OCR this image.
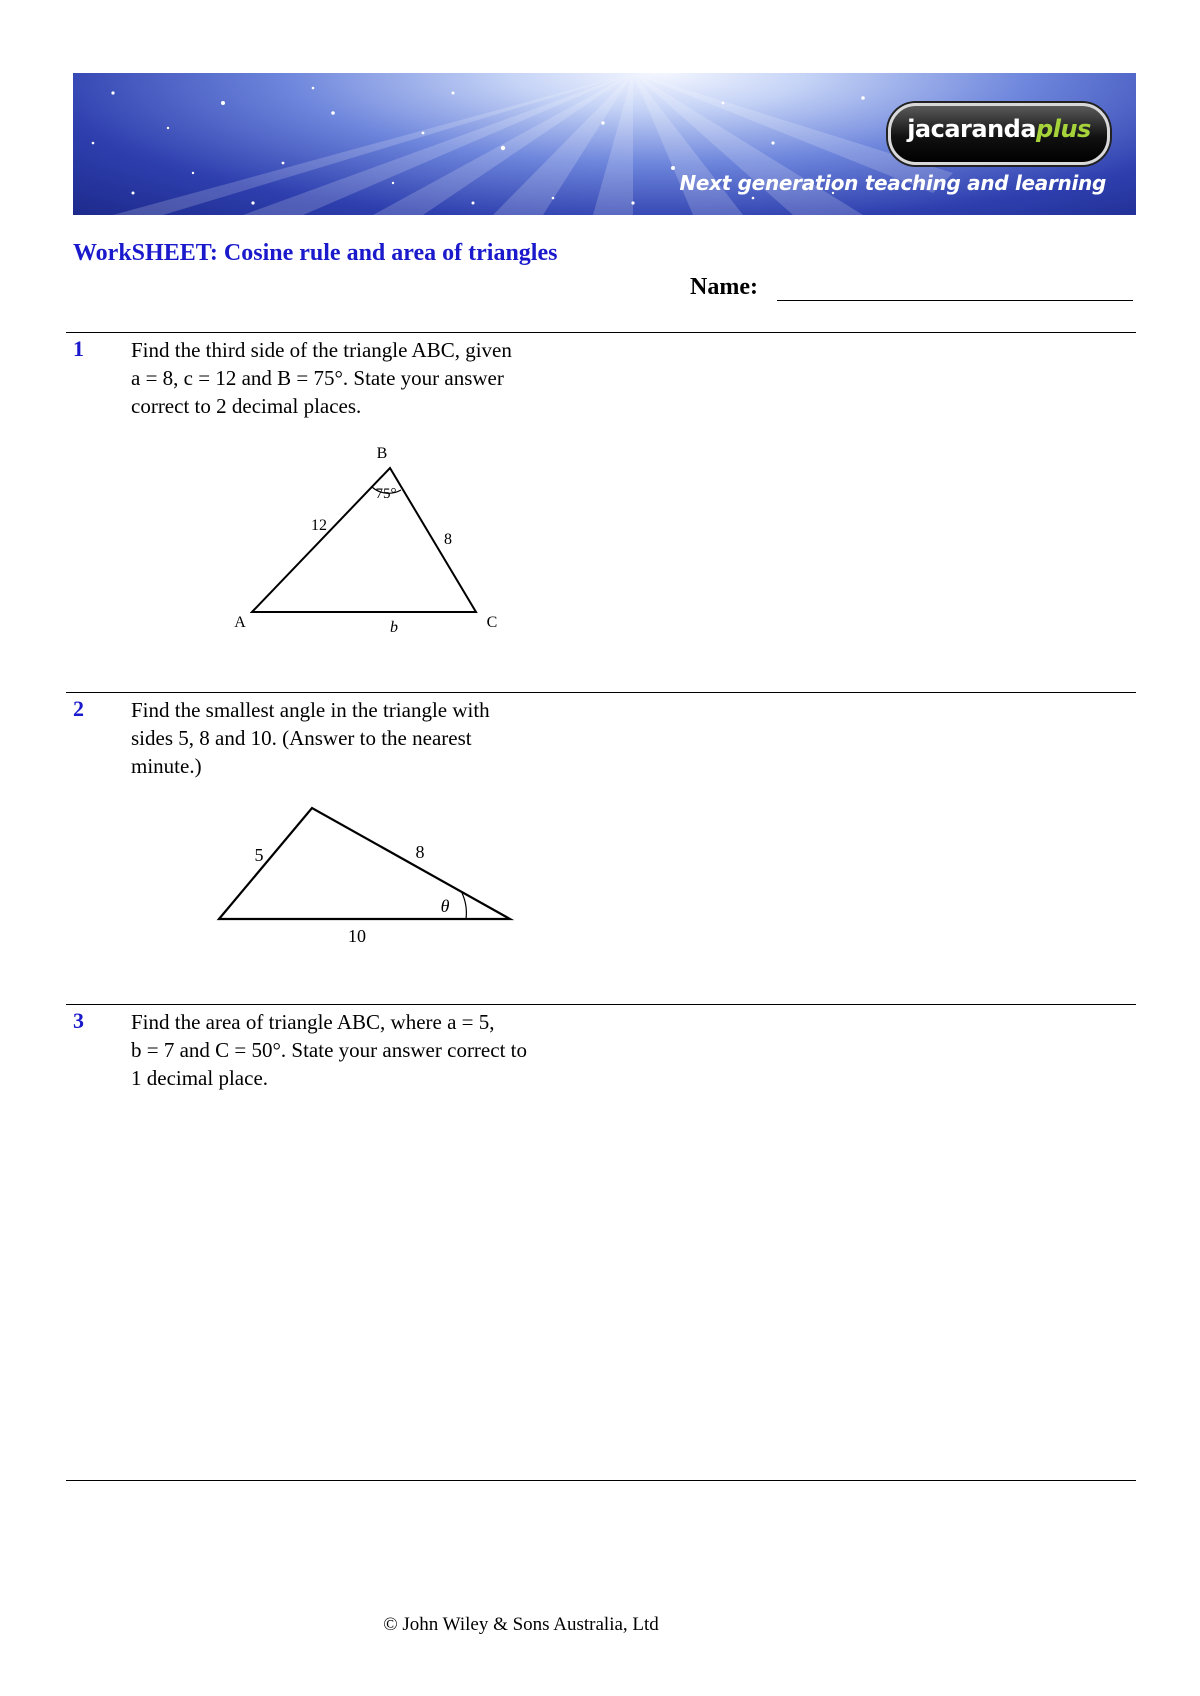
jacarandaplus
Next generation teaching and learning
WorkSHEET: Cosine rule and area of triangles
Name:
1 Find the third side of the triangle ABC, given
a = 8, c = 12 and B = 75°. State your answer
correct to 2 decimal places.
B
A	C
75°
12
8
b
2 Find the smallest angle in the triangle with
sides 5, 8 and 10. (Answer to the nearest
minute.)
5	8
10
θ
3 Find the area of triangle ABC, where a = 5,
b = 7 and C = 50°. State your answer correct to
1 decimal place.
© John Wiley & Sons Australia, Ltd
